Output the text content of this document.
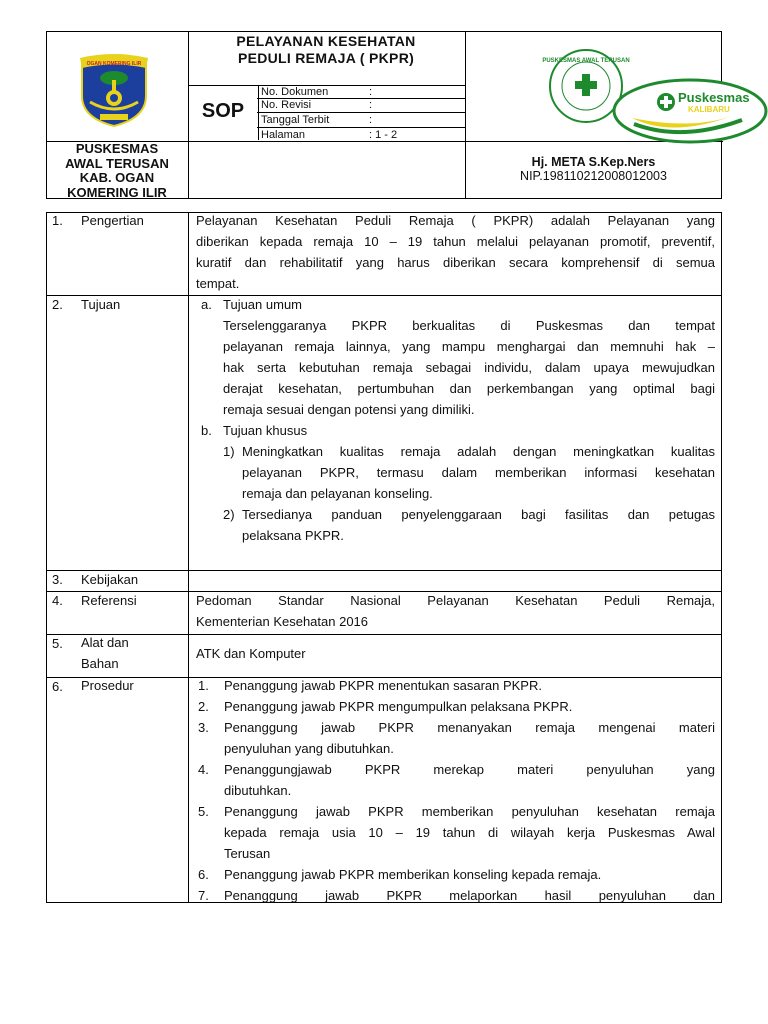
OGAN KOMERING ILIR
PELAYANAN KESEHATAN
PEDULI REMAJA ( PKPR)
SOP
No. Dokumen	:
No. Revisi	:
Tanggal Terbit	:
Halaman	: 1 - 2
PUSKESMAS
AWAL TERUSAN
KAB. OGAN
KOMERING ILIR
PUSKESMAS AWAL TERUSAN
Puskesmas
KALIBARU
Hj. META S.Kep.Ners
NIP.198110212008012003
1.	Pengertian	Pelayanan Kesehatan Peduli Remaja ( PKPR) adalah Pelayanan yang
diberikan kepada remaja 10 – 19 tahun melalui pelayanan promotif, preventif,
kuratif dan rehabilitatif yang harus diberikan secara komprehensif di semua
tempat.
2.	Tujuan	a. Tujuan umum
Terselenggaranya PKPR berkualitas di Puskesmas dan tempat
pelayanan remaja lainnya, yang mampu menghargai dan memnuhi hak –
hak serta kebutuhan remaja sebagai individu, dalam upaya mewujudkan
derajat kesehatan, pertumbuhan dan perkembangan yang optimal bagi
remaja sesuai dengan potensi yang dimiliki.
b. Tujuan khusus
1) Meningkatkan kualitas remaja adalah dengan meningkatkan kualitas
pelayanan PKPR, termasu dalam memberikan informasi kesehatan
remaja dan pelayanan konseling.
2) Tersedianya panduan penyelenggaraan bagi fasilitas dan petugas
pelaksana PKPR.
3.	Kebijakan
4.	Referensi	Pedoman Standar Nasional Pelayanan Kesehatan Peduli Remaja,
Kementerian Kesehatan 2016
5.	Alat dan
Bahan
ATK dan Komputer
6.	Prosedur	1. Penanggung jawab PKPR menentukan sasaran PKPR.
2. Penanggung jawab PKPR mengumpulkan pelaksana PKPR.
3. Penanggung jawab PKPR menanyakan remaja mengenai materi
penyuluhan yang dibutuhkan.
4. Penanggungjawab PKPR merekap materi penyuluhan yang
dibutuhkan.
5. Penanggung jawab PKPR memberikan penyuluhan kesehatan remaja
kepada remaja usia 10 – 19 tahun di wilayah kerja Puskesmas Awal
Terusan
6. Penanggung jawab PKPR memberikan konseling kepada remaja.
7. Penanggung jawab PKPR melaporkan hasil penyuluhan dan
